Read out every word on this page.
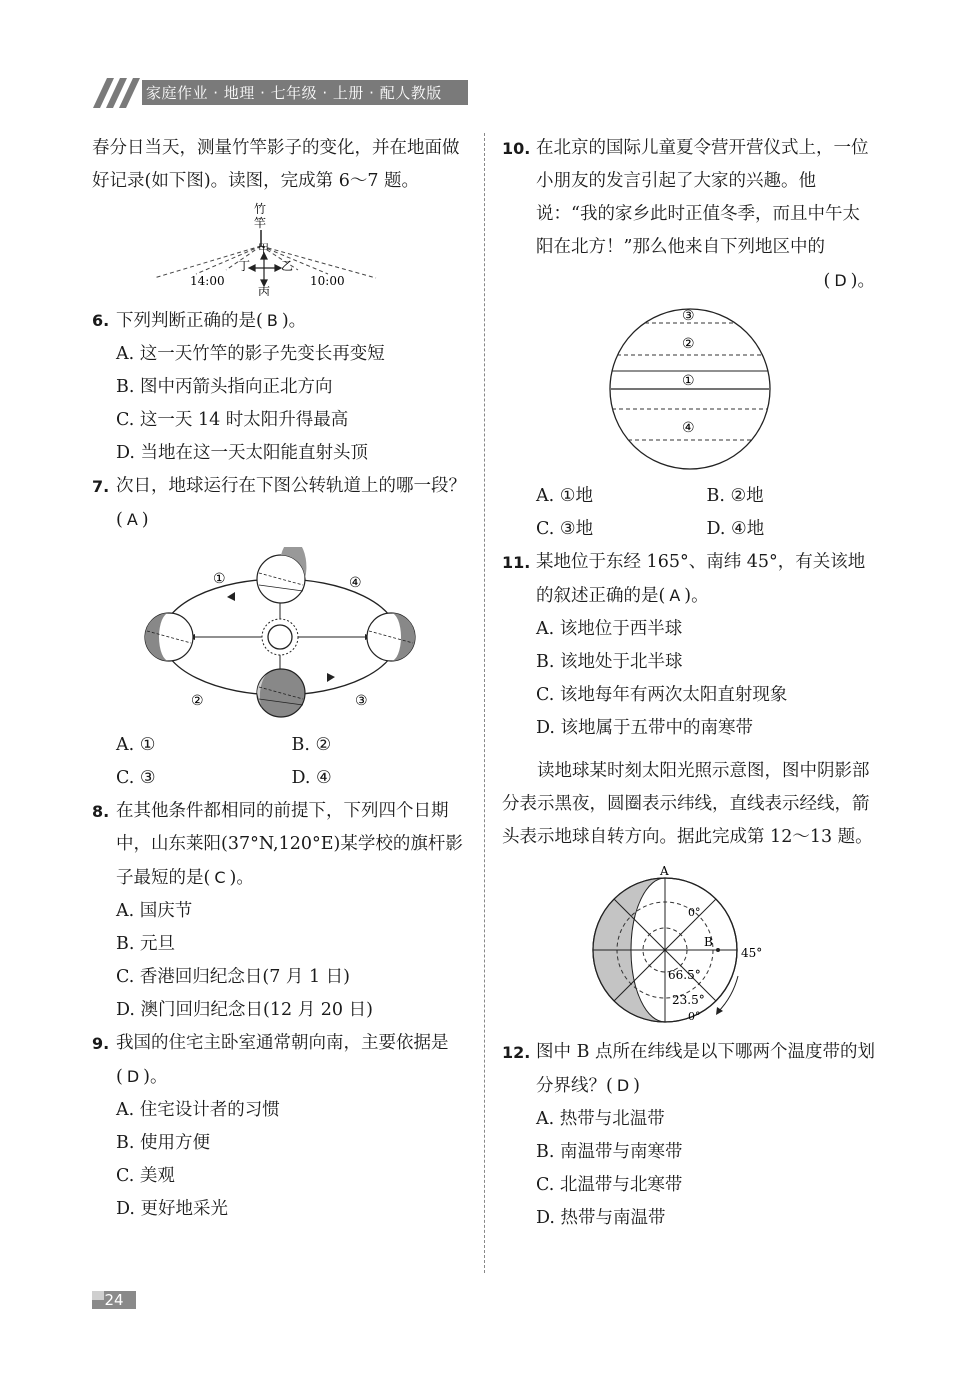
家庭作业 · 地理 · 七年级 · 上册 · 配人教版

春分日当天，测量竹竿影子的变化，并在地面做好记录(如下图)。读图，完成第 6～7 题。

竹
竿
甲
丁	乙
丙
14:00	10:00
6. 下列判断正确的是( B )。

A. 这一天竹竿的影子先变长再变短

B. 图中丙箭头指向正北方向

C. 这一天 14 时太阳升得最高

D. 当地在这一天太阳能直射头顶

7. 次日，地球运行在下图公转轨道上的哪一段？( A )
①
②	③
④
A. ①	B. ②
C. ③	D. ④
8. 在其他条件都相同的前提下，下列四个日期中，山东莱阳(37°N,120°E)某学校的旗杆影子最短的是( C )。

A. 国庆节

B. 元旦

C. 香港回归纪念日(7 月 1 日)

D. 澳门回归纪念日(12 月 20 日)

9. 我国的住宅主卧室通常朝向南，主要依据是( D )。

A. 住宅设计者的习惯

B. 使用方便

C. 美观

D. 更好地采光

10. 在北京的国际儿童夏令营开营仪式上，一位小朋友的发言引起了大家的兴趣。他说：“我的家乡此时正值冬季，而且中午太阳在北方！”那么他来自下列地区中的

( D )。

③
②
①
④
A. ①地	B. ②地
C. ③地	D. ④地
11. 某地位于东经 165°、南纬 45°，有关该地的叙述正确的是( A )。

A. 该地位于西半球

B. 该地处于北半球

C. 该地每年有两次太阳直射现象

D. 该地属于五带中的南寒带

读地球某时刻太阳光照示意图，图中阴影部分表示黑夜，圆圈表示纬线，直线表示经线，箭头表示地球自转方向。据此完成第 12～13 题。

A
B
0°
45°
66.5°
23.5°
0°
12. 图中 B 点所在纬线是以下哪两个温度带的划分界线？( D )

A. 热带与北温带

B. 南温带与南寒带

C. 北温带与北寒带

D. 热带与南温带

24
